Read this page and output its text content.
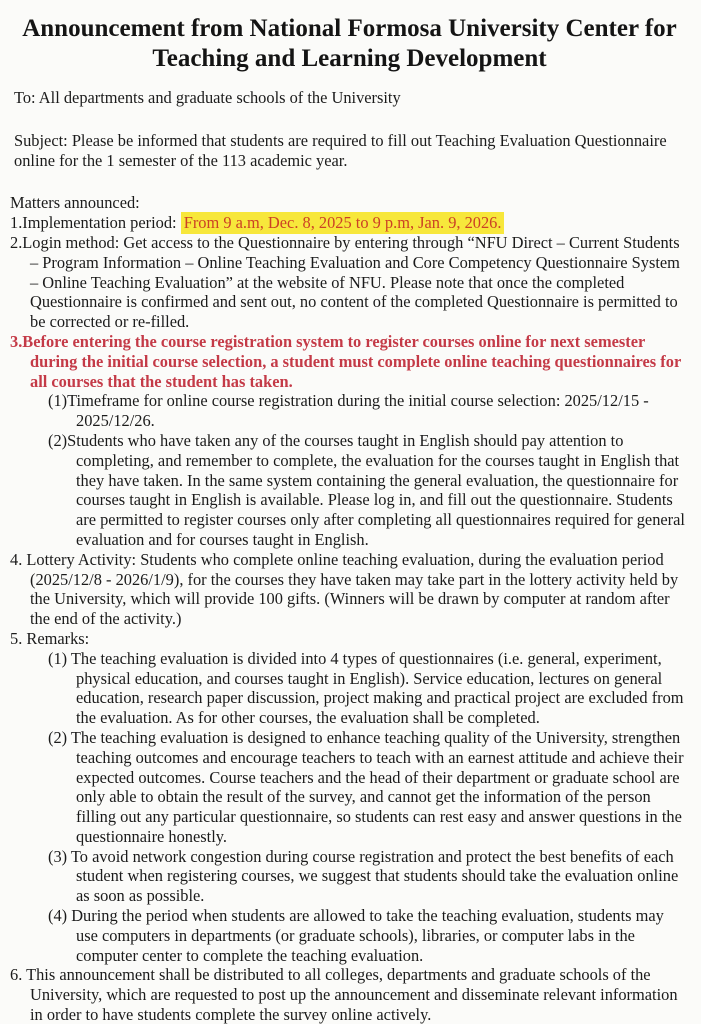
Announcement from National Formosa University Center for
Teaching and Learning Development

To: All departments and graduate schools of the University

Subject: Please be informed that students are required to fill out Teaching Evaluation Questionnaire online for the 1 semester of the 113 academic year.

Matters announced:

1.Implementation period: From 9 a.m, Dec. 8, 2025 to 9 p.m, Jan. 9, 2026.
2.Login method: Get access to the Questionnaire by entering through “NFU Direct – Current Students – Program Information – Online Teaching Evaluation and Core Competency Questionnaire System – Online Teaching Evaluation” at the website of NFU. Please note that once the completed Questionnaire is confirmed and sent out, no content of the completed Questionnaire is permitted to be corrected or re-filled.
3.Before entering the course registration system to register courses online for next semester during the initial course selection, a student must complete online teaching questionnaires for all courses that the student has taken.
(1)Timeframe for online course registration during the initial course selection: 2025/12/15 - 2025/12/26.
(2)Students who have taken any of the courses taught in English should pay attention to completing, and remember to complete, the evaluation for the courses taught in English that they have taken. In the same system containing the general evaluation, the questionnaire for courses taught in English is available. Please log in, and fill out the questionnaire. Students are permitted to register courses only after completing all questionnaires required for general evaluation and for courses taught in English.
4. Lottery Activity: Students who complete online teaching evaluation, during the evaluation period (2025/12/8 - 2026/1/9), for the courses they have taken may take part in the lottery activity held by the University, which will provide 100 gifts. (Winners will be drawn by computer at random after the end of the activity.)
5. Remarks:
(1) The teaching evaluation is divided into 4 types of questionnaires (i.e. general, experiment, physical education, and courses taught in English). Service education, lectures on general education, research paper discussion, project making and practical project are excluded from the evaluation. As for other courses, the evaluation shall be completed.
(2) The teaching evaluation is designed to enhance teaching quality of the University, strengthen teaching outcomes and encourage teachers to teach with an earnest attitude and achieve their expected outcomes. Course teachers and the head of their department or graduate school are only able to obtain the result of the survey, and cannot get the information of the person filling out any particular questionnaire, so students can rest easy and answer questions in the questionnaire honestly.
(3) To avoid network congestion during course registration and protect the best benefits of each student when registering courses, we suggest that students should take the evaluation online as soon as possible.
(4) During the period when students are allowed to take the teaching evaluation, students may use computers in departments (or graduate schools), libraries, or computer labs in the computer center to complete the teaching evaluation.
6. This announcement shall be distributed to all colleges, departments and graduate schools of the University, which are requested to post up the announcement and disseminate relevant information in order to have students complete the survey online actively.
